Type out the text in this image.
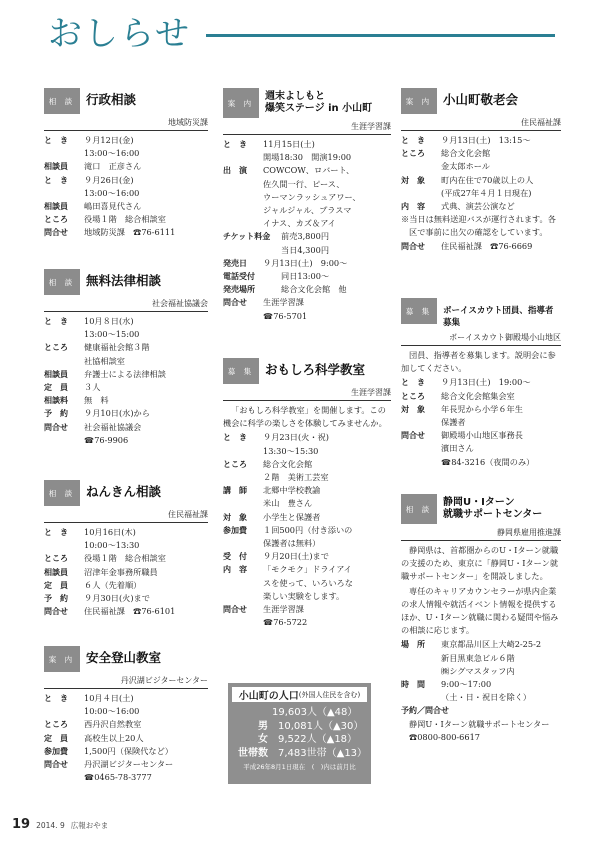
おしらせ
相 談 行政相談
地域防災課
と　き	９月12日(金)
13:00～16:00
相談員	滝口　正彦さん
と　き	９月26日(金)
13:00～16:00
相談員	嶋田喜見代さん
ところ	役場１階　総合相談室
問合せ	地域防災課　☎76-6111
相 談 無料法律相談
社会福祉協議会
と　き	10月８日(水)
13:00～15:00
ところ	健康福祉会館３階
社協相談室
相談員	弁護士による法律相談
定　員	３人
相談料	無　料
予　約	９月10日(水)から
問合せ	社会福祉協議会
☎76-9906
相 談 ねんきん相談
住民福祉課
と　き	10月16日(木)
10:00～13:30
ところ	役場１階　総合相談室
相談員	沼津年金事務所職員
定　員	６人（先着順）
予　約	９月30日(火)まで
問合せ	住民福祉課　☎76-6101
案 内 安全登山教室
丹沢湖ビジターセンター
と　き	10月４日(土)
10:00～16:00
ところ	西丹沢自然教室
定　員	高校生以上20人
参加費	1,500円（保険代など）
問合せ	丹沢湖ビジターセンター
☎0465-78-3777
案 内
週末よしもと
爆笑ステージ in 小山町
生涯学習課
と　き	11月15日(土)
開場18:30　開演19:00
出　演	COWCOW、ロバート、
佐久間一行、ピース、
ウーマンラッシュアワー、
ジャルジャル、プラスマ
イナス、カズ＆アイ
チケット料金	前売3,800円
当日4,300円
発売日	９月13日(土)　9:00～
電話受付	同日13:00～
発売場所	総合文化会館　他
問合せ	生涯学習課
☎76-5701
募 集 おもしろ科学教室
生涯学習課
「おもしろ科学教室」を開催します。この機会に科学の楽しさを体験してみませんか。
と　き	９月23日(火・祝)
13:30～15:30
ところ	総合文化会館
２階　美術工芸室
講　師	北郷中学校教諭
米山　豊さん
対　象	小学生と保護者
参加費	１回500円（付き添いの
保護者は無料）
受　付	９月20日(土)まで
内　容	「モクモク」ドライアイ
スを使って、いろいろな
楽しい実験をします。
問合せ	生涯学習課
☎76-5722
小山町の人口 (外国人住民を含む)
19,603人（▲48）
男	10,081人（▲30）
女	9,522人（▲18）
世帯数	7,483世帯（▲13）
平成26年8月1日現在　(　)内は前月比
案 内 小山町敬老会
住民福祉課
と　き	９月13日(土)　13:15～
ところ	総合文化会館
金太郎ホール
対　象	町内在住で70歳以上の人
(平成27年４月１日現在)
内　容	式典、演芸公演など
※当日は無料送迎バスが運行されます。各区で事前に出欠の確認をしています。
問合せ	住民福祉課　☎76-6669
募 集	ボーイスカウト団員、指導者募集
ボーイスカウト御殿場小山地区
団員、指導者を募集します。説明会に参加してください。
と　き	９月13日(土)　19:00～
ところ	総合文化会館集会室
対　象	年長児から小学６年生
保護者
問合せ	御殿場小山地区事務長
濱田さん
☎84-3216（夜間のみ）
相 談
静岡U・Iターン
就職サポートセンター
静岡県雇用推進課
静岡県は、首都圏からのU・Iターン就職の支援のため、東京に「静岡U・Iターン就職サポートセンター」を開設しました。
専任のキャリアカウンセラーが県内企業の求人情報や就活イベント情報を提供するほか、U・Iターン就職に関わる疑問や悩みの相談に応じます。
場　所	東京都品川区上大崎2-25-2
新目黒東急ビル６階
㈱シグマスタッフ内
時　間	9:00～17:00
（土・日・祝日を除く）
予約／問合せ
静岡U・Iターン就職サポートセンター　☎0800-800-6617
19 2014. 9 広報おやま
